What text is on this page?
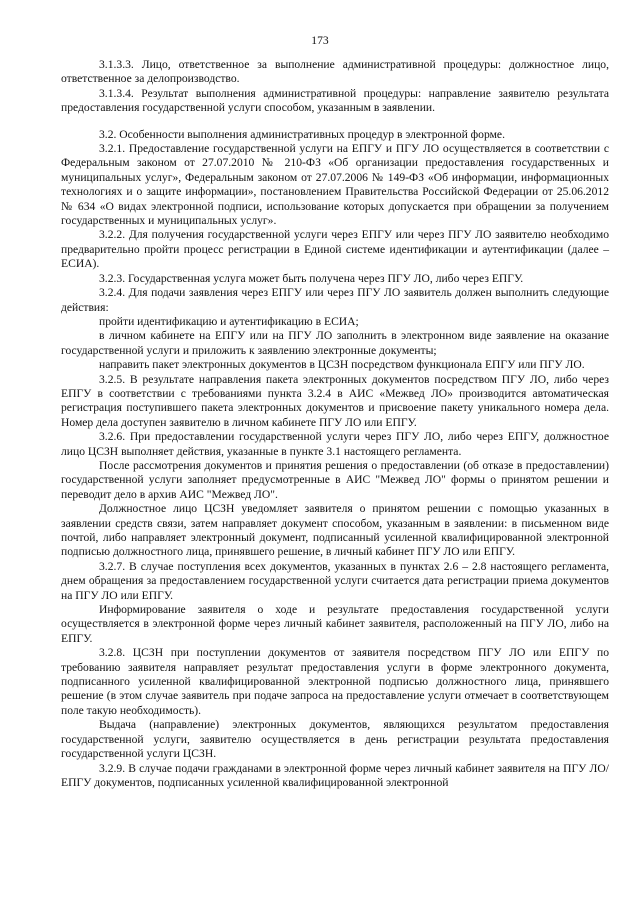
173

3.1.3.3. Лицо, ответственное за выполнение административной процедуры: должностное лицо, ответственное за делопроизводство.

3.1.3.4. Результат выполнения административной процедуры: направление заявителю результата предоставления государственной услуги способом, указанным в заявлении.

3.2. Особенности выполнения административных процедур в электронной форме.

3.2.1. Предоставление государственной услуги на ЕПГУ и ПГУ ЛО осуществляется в соответствии с Федеральным законом от 27.07.2010 № 210-ФЗ «Об организации предоставления государственных и муниципальных услуг», Федеральным законом от 27.07.2006 № 149-ФЗ «Об информации, информационных технологиях и о защите информации», постановлением Правительства Российской Федерации от 25.06.2012 № 634 «О видах электронной подписи, использование которых допускается при обращении за получением государственных и муниципальных услуг».

3.2.2. Для получения государственной услуги через ЕПГУ или через ПГУ ЛО заявителю необходимо предварительно пройти процесс регистрации в Единой системе идентификации и аутентификации (далее – ЕСИА).

3.2.3. Государственная услуга может быть получена через ПГУ ЛО, либо через ЕПГУ.

3.2.4. Для подачи заявления через ЕПГУ или через ПГУ ЛО заявитель должен выполнить следующие действия:

пройти идентификацию и аутентификацию в ЕСИА;

в личном кабинете на ЕПГУ или на ПГУ ЛО заполнить в электронном виде заявление на оказание государственной услуги и приложить к заявлению электронные документы;

направить пакет электронных документов в ЦСЗН посредством функционала ЕПГУ или ПГУ ЛО.

3.2.5. В результате направления пакета электронных документов посредством ПГУ ЛО, либо через ЕПГУ в соответствии с требованиями пункта 3.2.4 в АИС «Межвед ЛО» производится автоматическая регистрация поступившего пакета электронных документов и присвоение пакету уникального номера дела. Номер дела доступен заявителю в личном кабинете ПГУ ЛО или ЕПГУ.

3.2.6. При предоставлении государственной услуги через ПГУ ЛО, либо через ЕПГУ, должностное лицо ЦСЗН выполняет действия, указанные в пункте 3.1 настоящего регламента.

После рассмотрения документов и принятия решения о предоставлении (об отказе в предоставлении) государственной услуги заполняет предусмотренные в АИС "Межвед ЛО" формы о принятом решении и переводит дело в архив АИС "Межвед ЛО".

Должностное лицо ЦСЗН уведомляет заявителя о принятом решении с помощью указанных в заявлении средств связи, затем направляет документ способом, указанным в заявлении: в письменном виде почтой, либо направляет электронный документ, подписанный усиленной квалифицированной электронной подписью должностного лица, принявшего решение, в личный кабинет ПГУ ЛО или ЕПГУ.

3.2.7. В случае поступления всех документов, указанных в пунктах 2.6 – 2.8 настоящего регламента, днем обращения за предоставлением государственной услуги считается дата регистрации приема документов на ПГУ ЛО или ЕПГУ.

Информирование заявителя о ходе и результате предоставления государственной услуги осуществляется в электронной форме через личный кабинет заявителя, расположенный на ПГУ ЛО, либо на ЕПГУ.

3.2.8. ЦСЗН при поступлении документов от заявителя посредством ПГУ ЛО или ЕПГУ по требованию заявителя направляет результат предоставления услуги в форме электронного документа, подписанного усиленной квалифицированной электронной подписью должностного лица, принявшего решение (в этом случае заявитель при подаче запроса на предоставление услуги отмечает в соответствующем поле такую необходимость).

Выдача (направление) электронных документов, являющихся результатом предоставления государственной услуги, заявителю осуществляется в день регистрации результата предоставления государственной услуги ЦСЗН.

3.2.9. В случае подачи гражданами в электронной форме через личный кабинет заявителя на ПГУ ЛО/ ЕПГУ документов, подписанных усиленной квалифицированной электронной
